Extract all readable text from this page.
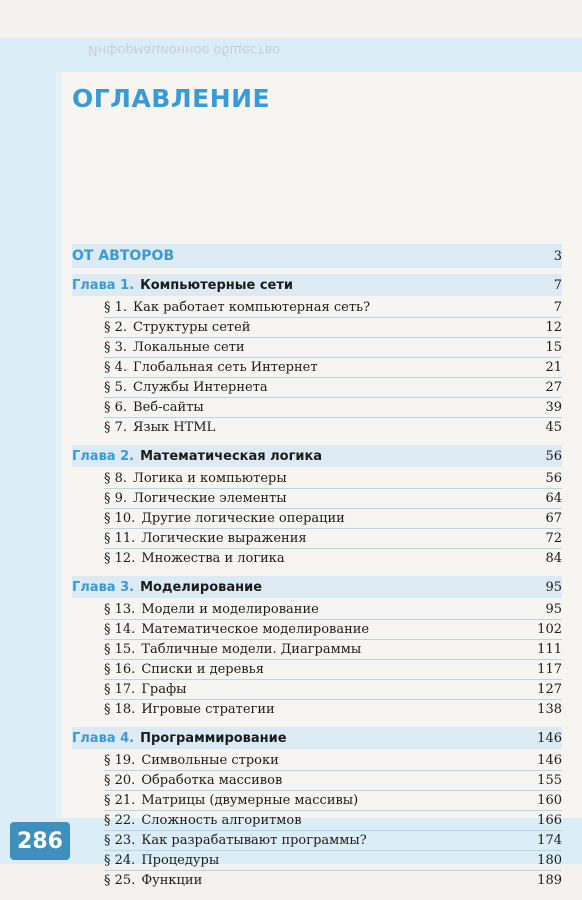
Информационное общество
286
ОГЛАВЛЕНИЕ
ОТ АВТОРОВ	3
Глава 1. Компьютерные сети	7
§ 1. Как работает компьютерная сеть?	7
§ 2. Структуры сетей	12
§ 3. Локальные сети	15
§ 4. Глобальная сеть Интернет	21
§ 5. Службы Интернета	27
§ 6. Веб-сайты	39
§ 7. Язык HTML	45
Глава 2. Математическая логика	56
§ 8. Логика и компьютеры	56
§ 9. Логические элементы	64
§ 10. Другие логические операции	67
§ 11. Логические выражения	72
§ 12. Множества и логика	84
Глава 3. Моделирование	95
§ 13. Модели и моделирование	95
§ 14. Математическое моделирование	102
§ 15. Табличные модели. Диаграммы	111
§ 16. Списки и деревья	117
§ 17. Графы	127
§ 18. Игровые стратегии	138
Глава 4. Программирование	146
§ 19. Символьные строки	146
§ 20. Обработка массивов	155
§ 21. Матрицы (двумерные массивы)	160
§ 22. Сложность алгоритмов	166
§ 23. Как разрабатывают программы?	174
§ 24. Процедуры	180
§ 25. Функции	189
